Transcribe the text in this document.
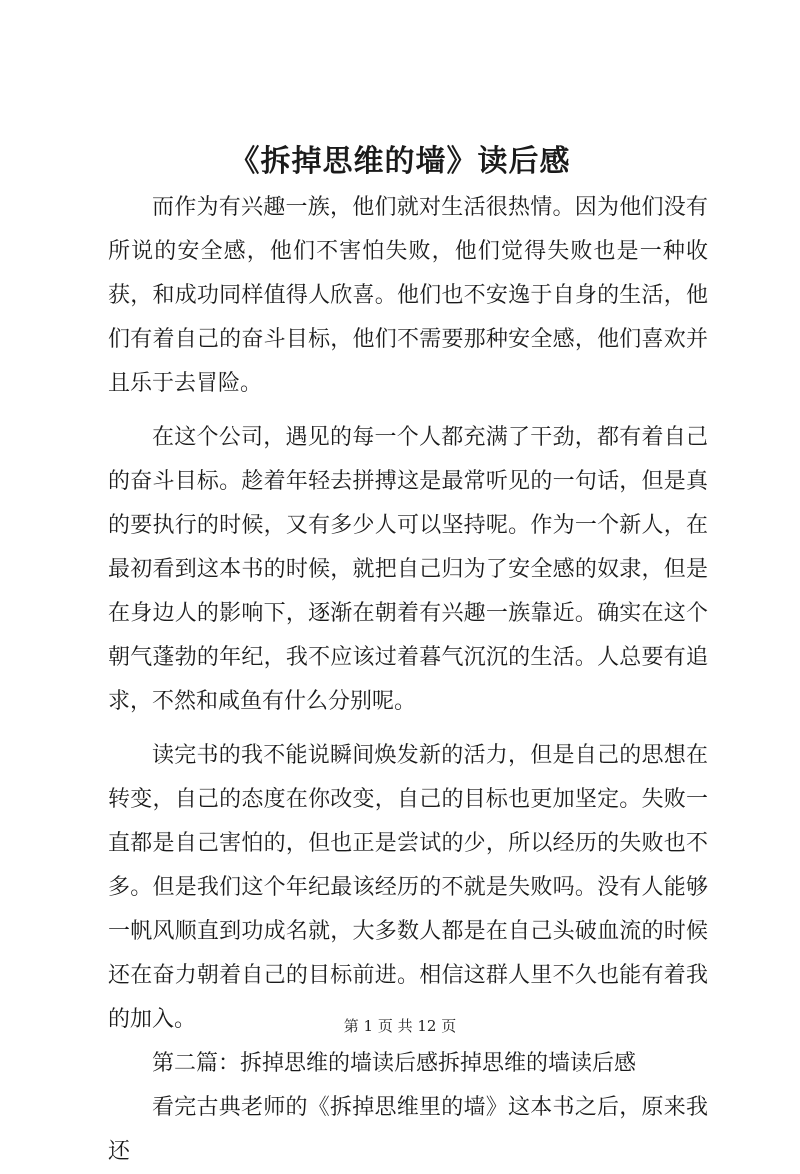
《拆掉思维的墙》读后感

而作为有兴趣一族，他们就对生活很热情。因为他们没有所说的安全感，他们不害怕失败，他们觉得失败也是一种收获，和成功同样值得人欣喜。他们也不安逸于自身的生活，他们有着自己的奋斗目标，他们不需要那种安全感，他们喜欢并且乐于去冒险。

在这个公司，遇见的每一个人都充满了干劲，都有着自己的奋斗目标。趁着年轻去拼搏这是最常听见的一句话，但是真的要执行的时候，又有多少人可以坚持呢。作为一个新人，在最初看到这本书的时候，就把自己归为了安全感的奴隶，但是在身边人的影响下，逐渐在朝着有兴趣一族靠近。确实在这个朝气蓬勃的年纪，我不应该过着暮气沉沉的生活。人总要有追求，不然和咸鱼有什么分别呢。

读完书的我不能说瞬间焕发新的活力，但是自己的思想在转变，自己的态度在你改变，自己的目标也更加坚定。失败一直都是自己害怕的，但也正是尝试的少，所以经历的失败也不多。但是我们这个年纪最该经历的不就是失败吗。没有人能够一帆风顺直到功成名就，大多数人都是在自己头破血流的时候还在奋力朝着自己的目标前进。相信这群人里不久也能有着我的加入。

第二篇：拆掉思维的墙读后感拆掉思维的墙读后感

看完古典老师的《拆掉思维里的墙》这本书之后，原来我还

第 1 页 共 12 页
